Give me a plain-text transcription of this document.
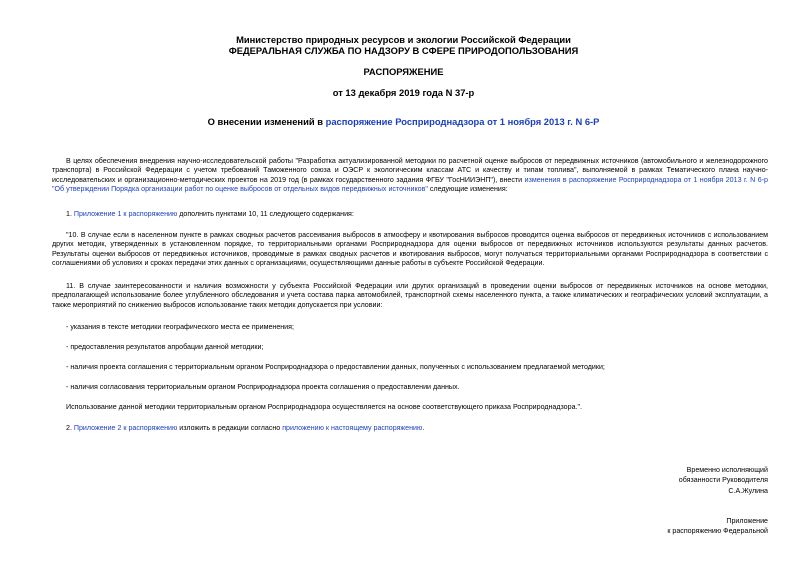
Министерство природных ресурсов и экологии Российской Федерации
ФЕДЕРАЛЬНАЯ СЛУЖБА ПО НАДЗОРУ В СФЕРЕ ПРИРОДОПОЛЬЗОВАНИЯ
РАСПОРЯЖЕНИЕ
от 13 декабря 2019 года N 37-р
О внесении изменений в распоряжение Росприроднадзора от 1 ноября 2013 г. N 6-Р
В целях обеспечения внедрения научно-исследовательской работы "Разработка актуализированной методики по расчетной оценке выбросов от передвижных источников (автомобильного и железнодорожного транспорта) в Российской Федерации с учетом требований Таможенного союза и ОЭСР к экологическим классам АТС и качеству и типам топлива", выполняемой в рамках Тематического плана научно-исследовательских и организационно-методических проектов на 2019 год (в рамках государственного задания ФГБУ "ГосНИИЭНП"), внести изменения в распоряжение Росприроднадзора от 1 ноября 2013 г. N 6-р "Об утверждении Порядка организации работ по оценке выбросов от отдельных видов передвижных источников" следующие изменения:
1. Приложение 1 к распоряжению дополнить пунктами 10, 11 следующего содержания:
"10. В случае если в населенном пункте в рамках сводных расчетов рассеивания выбросов в атмосферу и квотирования выбросов проводится оценка выбросов от передвижных источников с использованием других методик, утвержденных в установленном порядке, то территориальными органами Росприроднадзора для оценки выбросов от передвижных источников используются результаты данных расчетов. Результаты оценки выбросов от передвижных источников, проводимые в рамках сводных расчетов и квотирования выбросов, могут получаться территориальными органами Росприроднадзора в соответствии с соглашениями об условиях и сроках передачи этих данных с организациями, осуществляющими данные работы в субъекте Российской Федерации.
11. В случае заинтересованности и наличия возможности у субъекта Российской Федерации или других организаций в проведении оценки выбросов от передвижных источников на основе методики, предполагающей использование более углубленного обследования и учета состава парка автомобилей, транспортной схемы населенного пункта, а также климатических и географических условий эксплуатации, а также мероприятий по снижению выбросов использование таких методик допускается при условии:
- указания в тексте методики географического места ее применения;
- предоставления результатов апробации данной методики;
- наличия проекта соглашения с территориальным органом Росприроднадзора о предоставлении данных, полученных с использованием предлагаемой методики;
- наличия согласования территориальным органом Росприроднадзора проекта соглашения о предоставлении данных.
Использование данной методики территориальным органом Росприроднадзора осуществляется на основе соответствующего приказа Росприроднадзора.".
2. Приложение 2 к распоряжению изложить в редакции согласно приложению к настоящему распоряжению.
Временно исполняющий
обязанности Руководителя
С.А.Жулина
Приложение
к распоряжению Федеральной
